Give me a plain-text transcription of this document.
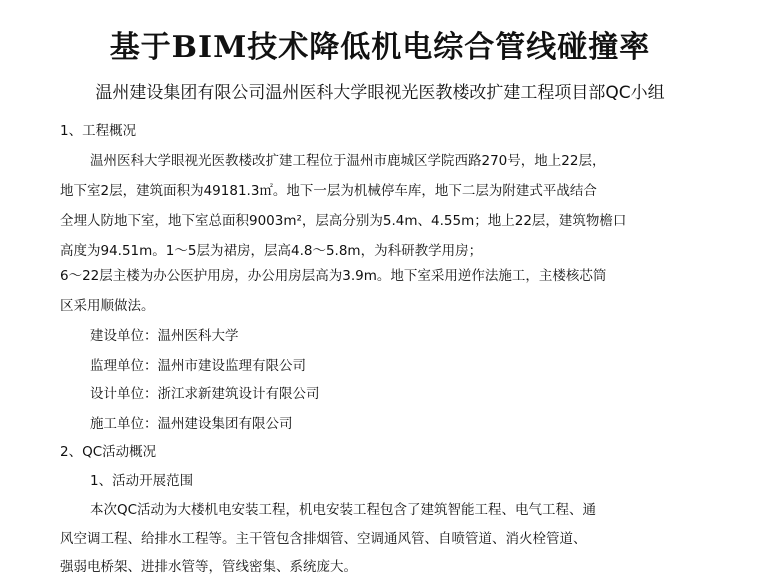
基于BIM技术降低机电综合管线碰撞率
温州建设集团有限公司温州医科大学眼视光医教楼改扩建工程项目部QC小组
1、工程概况
温州医科大学眼视光医教楼改扩建工程位于温州市鹿城区学院西路270号，地上22层，
地下室2层，建筑面积为49181.3㎡。地下一层为机械停车库，地下二层为附建式平战结合
全埋人防地下室，地下室总面积9003m²，层高分别为5.4m、4.55m；地上22层，建筑物檐口
高度为94.51m。1～5层为裙房，层高4.8～5.8m，为科研教学用房；
6～22层主楼为办公医护用房，办公用房层高为3.9m。地下室采用逆作法施工，主楼核芯筒
区采用顺做法。
建设单位：温州医科大学
监理单位：温州市建设监理有限公司
设计单位：浙江求新建筑设计有限公司
施工单位：温州建设集团有限公司
2、QC活动概况
1、活动开展范围
本次QC活动为大楼机电安装工程，机电安装工程包含了建筑智能工程、电气工程、通
风空调工程、给排水工程等。主干管包含排烟管、空调通风管、自喷管道、消火栓管道、
强弱电桥架、进排水管等，管线密集、系统庞大。
